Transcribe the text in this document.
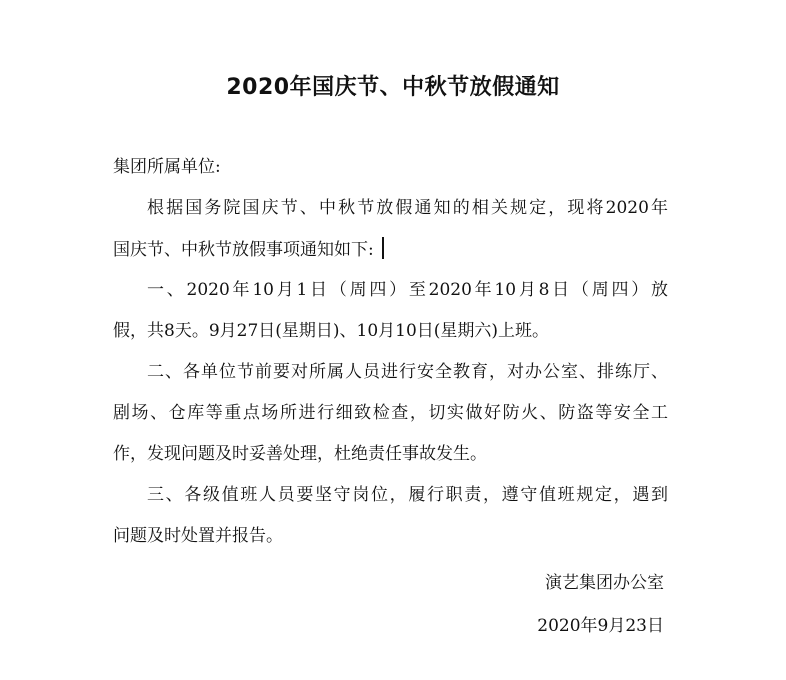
2020年国庆节、中秋节放假通知
集团所属单位:
根据国务院国庆节、中秋节放假通知的相关规定，现将2020年
国庆节、中秋节放假事项通知如下:
一、2020年10月1日（周四）至2020年10月8日（周四）放
假，共8天。9月27日(星期日)、10月10日(星期六)上班。
二、各单位节前要对所属人员进行安全教育，对办公室、排练厅、
剧场、仓库等重点场所进行细致检查，切实做好防火、防盗等安全工
作，发现问题及时妥善处理，杜绝责任事故发生。
三、各级值班人员要坚守岗位，履行职责，遵守值班规定，遇到
问题及时处置并报告。
演艺集团办公室
2020年9月23日
